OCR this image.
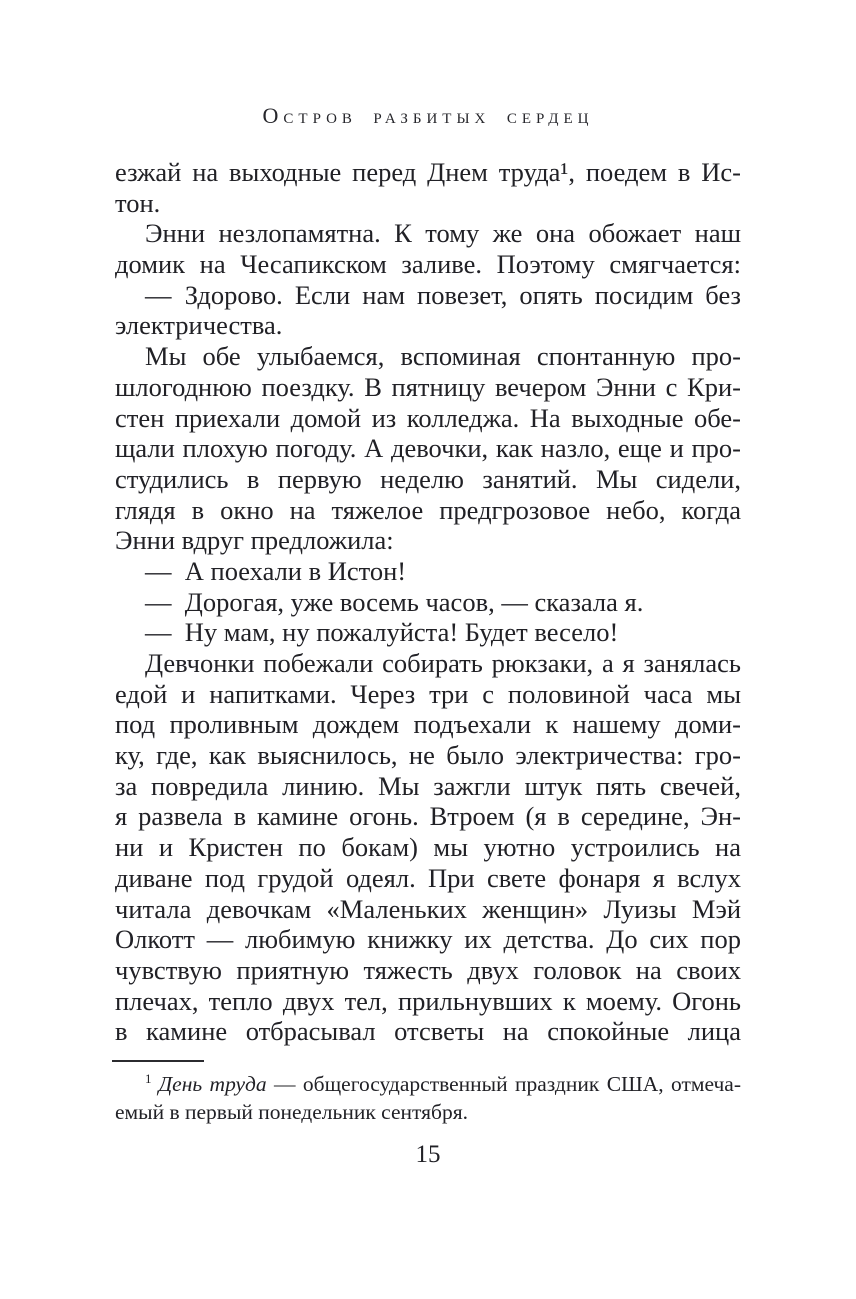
Остров разбитых сердец
езжай на выходные перед Днем труда¹, поедем в Ис-
тон.
Энни незлопамятна. К тому же она обожает наш
домик на Чесапикском заливе. Поэтому смягчается:
— Здорово. Если нам повезет, опять посидим без
электричества.
Мы обе улыбаемся, вспоминая спонтанную про-
шлогоднюю поездку. В пятницу вечером Энни с Кри-
стен приехали домой из колледжа. На выходные обе-
щали плохую погоду. А девочки, как назло, еще и про-
студились в первую неделю занятий. Мы сидели,
глядя в окно на тяжелое предгрозовое небо, когда
Энни вдруг предложила:
— А поехали в Истон!
— Дорогая, уже восемь часов, — сказала я.
— Ну мам, ну пожалуйста! Будет весело!
Девчонки побежали собирать рюкзаки, а я занялась
едой и напитками. Через три с половиной часа мы
под проливным дождем подъехали к нашему доми-
ку, где, как выяснилось, не было электричества: гро-
за повредила линию. Мы зажгли штук пять свечей,
я развела в камине огонь. Втроем (я в середине, Эн-
ни и Кристен по бокам) мы уютно устроились на
диване под грудой одеял. При свете фонаря я вслух
читала девочкам «Маленьких женщин» Луизы Мэй
Олкотт — любимую книжку их детства. До сих пор
чувствую приятную тяжесть двух головок на своих
плечах, тепло двух тел, прильнувших к моему. Огонь
в камине отбрасывал отсветы на спокойные лица
$^1$ День труда — общегосударственный праздник США, отмеча-
емый в первый понедельник сентября.
15
